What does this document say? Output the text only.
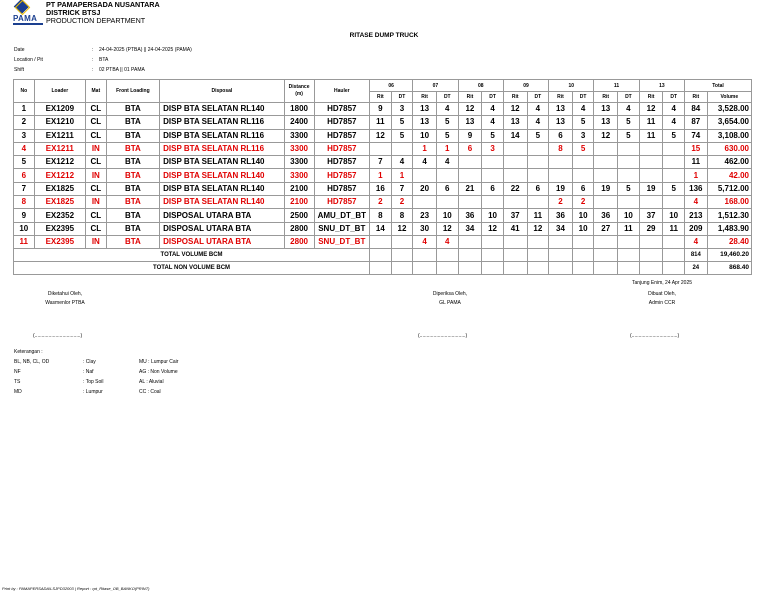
PAMA
PT PAMAPERSADA NUSANTARA
DISTRICK BTSJ
PRODUCTION DEPARTMENT
RITASE DUMP TRUCK
Date	: 24-04-2025 (PTBA) || 24-04-2025 (PAMA)
Location / Pit	: BTA
Shift	: 02 PTBA || 01 PAMA
No	Loader	Mat	Front Loading	Disposal	Distance (m)	Hauler	06		07		08		09		10		11		13		Total	
							Rit	DT	Rit	DT	Rit	DT	Rit	DT	Rit	DT	Rit	DT	Rit	DT	Rit	Volume
1	EX1209	CL	BTA	DISP BTA SELATAN RL140	1800	HD7857	9	3	13	4	12	4	12	4	13	4	13	4	12	4	84	3,528.00
2	EX1210	CL	BTA	DISP BTA SELATAN RL116	2400	HD7857	11	5	13	5	13	4	13	4	13	5	13	5	11	4	87	3,654.00
3	EX1211	CL	BTA	DISP BTA SELATAN RL116	3300	HD7857	12	5	10	5	9	5	14	5	6	3	12	5	11	5	74	3,108.00
4	EX1211	IN	BTA	DISP BTA SELATAN RL116	3300	HD7857			1	1	6	3			8	5					15	630.00
5	EX1212	CL	BTA	DISP BTA SELATAN RL140	3300	HD7857	7	4	4	4											11	462.00
6	EX1212	IN	BTA	DISP BTA SELATAN RL140	3300	HD7857	1	1													1	42.00
7	EX1825	CL	BTA	DISP BTA SELATAN RL140	2100	HD7857	16	7	20	6	21	6	22	6	19	6	19	5	19	5	136	5,712.00
8	EX1825	IN	BTA	DISP BTA SELATAN RL140	2100	HD7857	2	2							2	2					4	168.00
9	EX2352	CL	BTA	DISPOSAL UTARA BTA	2500	AMU_DT_BT	8	8	23	10	36	10	37	11	36	10	36	10	37	10	213	1,512.30
10	EX2395	CL	BTA	DISPOSAL UTARA BTA	2800	SNU_DT_BT	14	12	30	12	34	12	41	12	34	10	27	11	29	11	209	1,483.90
11	EX2395	IN	BTA	DISPOSAL UTARA BTA	2800	SNU_DT_BT			4	4											4	28.40
TOTAL VOLUME BCM																					814	19,460.20
TOTAL NON VOLUME BCM																					24	868.40
Tanjung Enim, 24 Apr 2025
Diketahui Oleh,
Wasmenlor PTBA
Diperiksa Oleh,
GL PAMA
Dibuat Oleh,
Admin CCR
(.................................)	(.................................)	(.................................)
Keterangan :
BL, NB, CL, OD	: Clay	MU : Lumpur Cair
NF	: Naf	AG : Non Volume
TS	: Top Soil	AL : Aluvial
MD	: Lumpur	CC : Coal
Print by : PAMAPERSADA\LSJPD32003 | Report : rpt_Ritase_OB_BANKO(PRINT)
